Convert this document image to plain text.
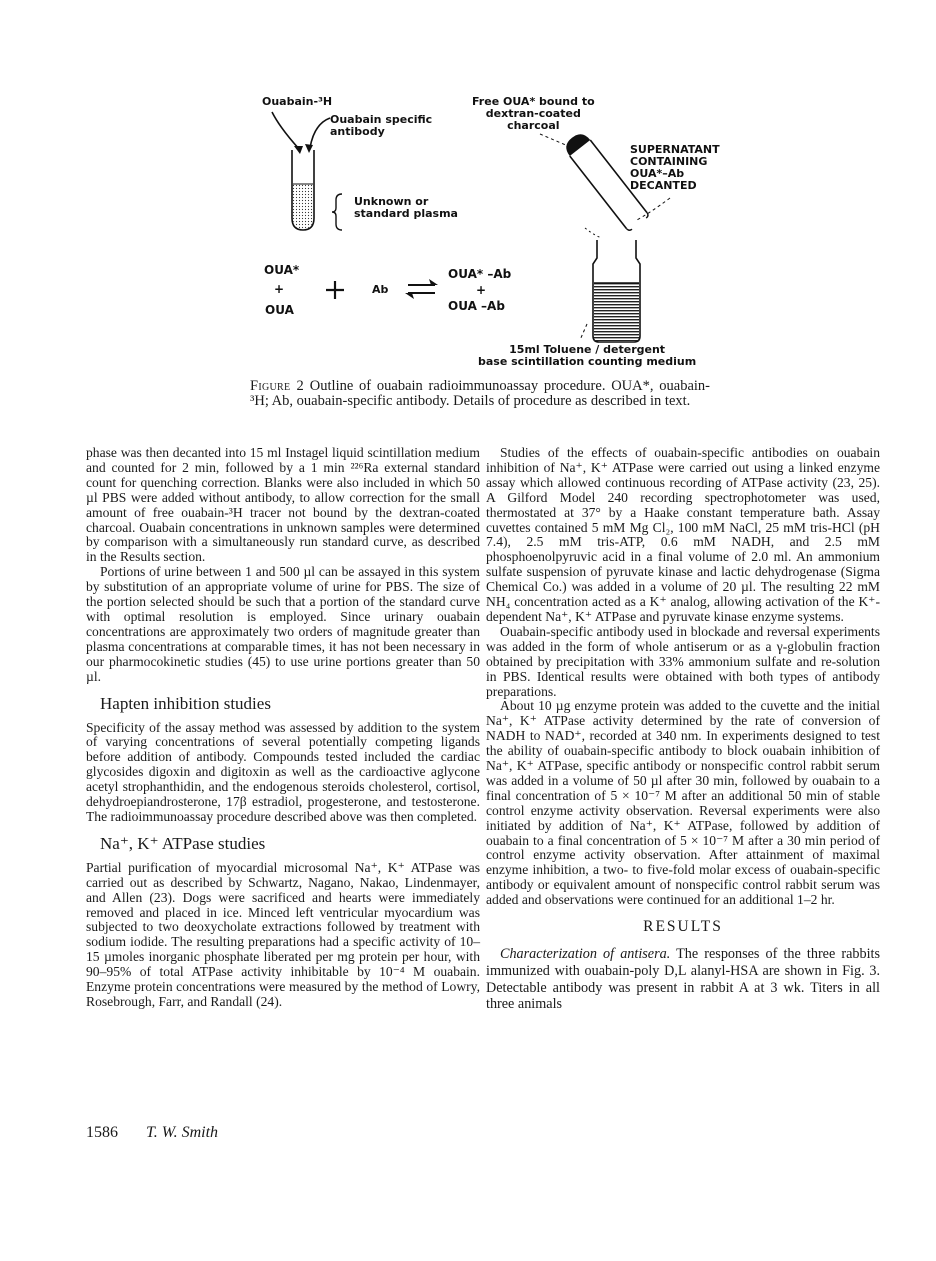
Ouabain-³H
Ouabain specific
antibody
Unknown or
standard plasma
Free OUA* bound to
dextran-coated
charcoal
SUPERNATANT
CONTAINING
OUA*–Ab
DECANTED
OUA*
+
OUA
Ab
OUA* –Ab
+
OUA –Ab
15ml Toluene / detergent
base scintillation counting medium
Figure 2 Outline of ouabain radioimmunoassay procedure. OUA*, ouabain-³H; Ab, ouabain-specific antibody. Details of procedure as described in text.

phase was then decanted into 15 ml Instagel liquid scintillation medium and counted for 2 min, followed by a 1 min ²²⁶Ra external standard count for quenching correction. Blanks were also included in which 50 µl PBS were added without antibody, to allow correction for the small amount of free ouabain-³H tracer not bound by the dextran-coated charcoal. Ouabain concentrations in unknown samples were determined by comparison with a simultaneously run standard curve, as described in the Results section.

Portions of urine between 1 and 500 µl can be assayed in this system by substitution of an appropriate volume of urine for PBS. The size of the portion selected should be such that a portion of the standard curve with optimal resolution is employed. Since urinary ouabain concentrations are approximately two orders of magnitude greater than plasma concentrations at comparable times, it has not been necessary in our pharmocokinetic studies (45) to use urine portions greater than 50 µl.

Hapten inhibition studies

Specificity of the assay method was assessed by addition to the system of varying concentrations of several potentially competing ligands before addition of antibody. Compounds tested included the cardiac glycosides digoxin and digitoxin as well as the cardioactive aglycone acetyl strophanthidin, and the endogenous steroids cholesterol, cortisol, dehydroepiandrosterone, 17β estradiol, progesterone, and testosterone. The radioimmunoassay procedure described above was then completed.

Na⁺, K⁺ ATPase studies

Partial purification of myocardial microsomal Na⁺, K⁺ ATPase was carried out as described by Schwartz, Nagano, Nakao, Lindenmayer, and Allen (23). Dogs were sacrificed and hearts were immediately removed and placed in ice. Minced left ventricular myocardium was subjected to two deoxycholate extractions followed by treatment with sodium iodide. The resulting preparations had a specific activity of 10–15 µmoles inorganic phosphate liberated per mg protein per hour, with 90–95% of total ATPase activity inhibitable by 10⁻⁴ M ouabain. Enzyme protein concentrations were measured by the method of Lowry, Rosebrough, Farr, and Randall (24).

Studies of the effects of ouabain-specific antibodies on ouabain inhibition of Na⁺, K⁺ ATPase were carried out using a linked enzyme assay which allowed continuous recording of ATPase activity (23, 25). A Gilford Model 240 recording spectrophotometer was used, thermostated at 37° by a Haake constant temperature bath. Assay cuvettes contained 5 mM Mg Cl₂, 100 mM NaCl, 25 mM tris-HCl (pH 7.4), 2.5 mM tris-ATP, 0.6 mM NADH, and 2.5 mM phosphoenolpyruvic acid in a final volume of 2.0 ml. An ammonium sulfate suspension of pyruvate kinase and lactic dehydrogenase (Sigma Chemical Co.) was added in a volume of 20 µl. The resulting 22 mM NH₄ concentration acted as a K⁺ analog, allowing activation of the K⁺-dependent Na⁺, K⁺ ATPase and pyruvate kinase enzyme systems.

Ouabain-specific antibody used in blockade and reversal experiments was added in the form of whole antiserum or as a γ-globulin fraction obtained by precipitation with 33% ammonium sulfate and re-solution in PBS. Identical results were obtained with both types of antibody preparations.

About 10 µg enzyme protein was added to the cuvette and the initial Na⁺, K⁺ ATPase activity determined by the rate of conversion of NADH to NAD⁺, recorded at 340 nm. In experiments designed to test the ability of ouabain-specific antibody to block ouabain inhibition of Na⁺, K⁺ ATPase, specific antibody or nonspecific control rabbit serum was added in a volume of 50 µl after 30 min, followed by ouabain to a final concentration of 5 × 10⁻⁷ M after an additional 50 min of stable control enzyme activity observation. Reversal experiments were also initiated by addition of Na⁺, K⁺ ATPase, followed by addition of ouabain to a final concentration of 5 × 10⁻⁷ M after a 30 min period of control enzyme activity observation. After attainment of maximal enzyme inhibition, a two- to five-fold molar excess of ouabain-specific antibody or equivalent amount of nonspecific control rabbit serum was added and observations were continued for an additional 1–2 hr.

RESULTS

Characterization of antisera. The responses of the three rabbits immunized with ouabain-poly D,L alanyl-HSA are shown in Fig. 3. Detectable antibody was present in rabbit A at 3 wk. Titers in all three animals

1586 T. W. Smith
